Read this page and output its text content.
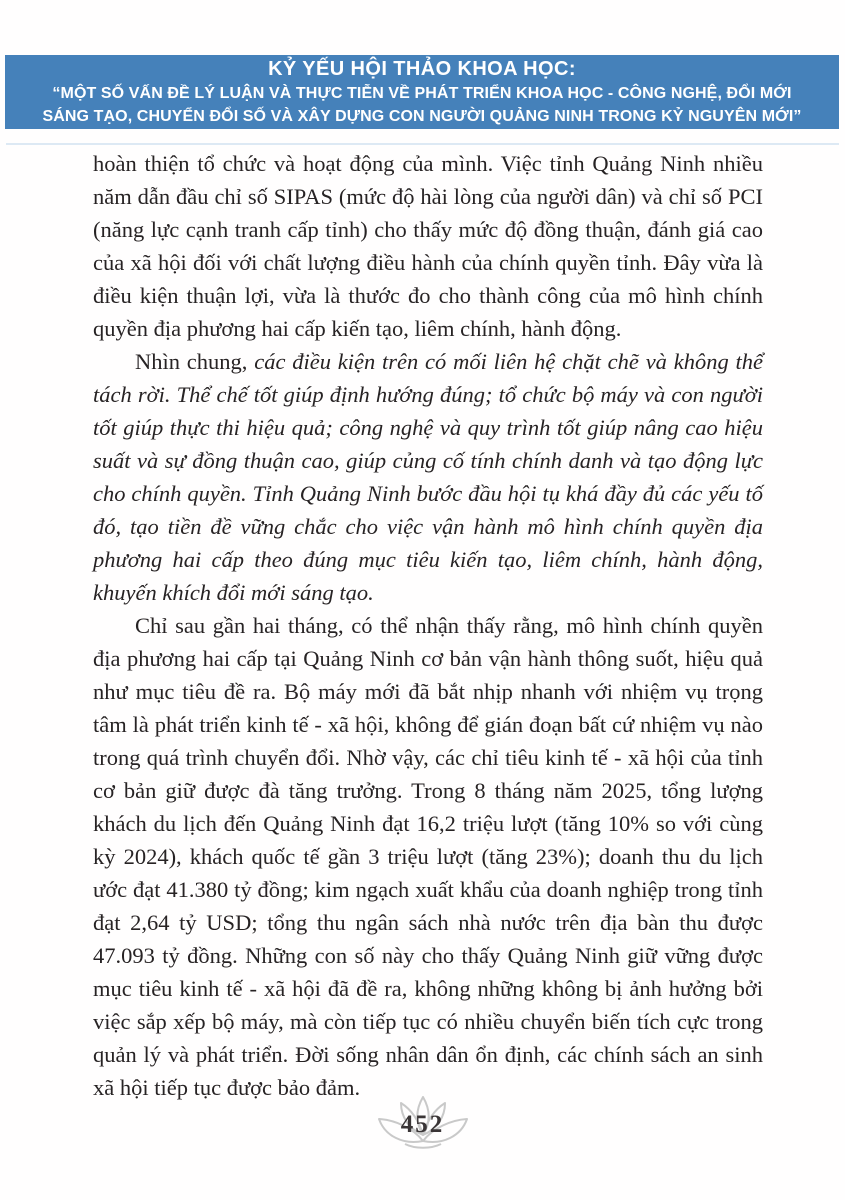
KỶ YẾU HỘI THẢO KHOA HỌC:
“MỘT SỐ VẤN ĐỀ LÝ LUẬN VÀ THỰC TIỄN VỀ PHÁT TRIỂN KHOA HỌC - CÔNG NGHỆ, ĐỔI MỚI
SÁNG TẠO, CHUYỂN ĐỔI SỐ VÀ XÂY DỰNG CON NGƯỜI QUẢNG NINH TRONG KỶ NGUYÊN MỚI”

hoàn thiện tổ chức và hoạt động của mình. Việc tỉnh Quảng Ninh nhiều năm dẫn đầu chỉ số SIPAS (mức độ hài lòng của người dân) và chỉ số PCI (năng lực cạnh tranh cấp tỉnh) cho thấy mức độ đồng thuận, đánh giá cao của xã hội đối với chất lượng điều hành của chính quyền tỉnh. Đây vừa là điều kiện thuận lợi, vừa là thước đo cho thành công của mô hình chính quyền địa phương hai cấp kiến tạo, liêm chính, hành động.

Nhìn chung, các điều kiện trên có mối liên hệ chặt chẽ và không thể tách rời. Thể chế tốt giúp định hướng đúng; tổ chức bộ máy và con người tốt giúp thực thi hiệu quả; công nghệ và quy trình tốt giúp nâng cao hiệu suất và sự đồng thuận cao, giúp củng cố tính chính danh và tạo động lực cho chính quyền. Tỉnh Quảng Ninh bước đầu hội tụ khá đầy đủ các yếu tố đó, tạo tiền đề vững chắc cho việc vận hành mô hình chính quyền địa phương hai cấp theo đúng mục tiêu kiến tạo, liêm chính, hành động, khuyến khích đổi mới sáng tạo.

Chỉ sau gần hai tháng, có thể nhận thấy rằng, mô hình chính quyền địa phương hai cấp tại Quảng Ninh cơ bản vận hành thông suốt, hiệu quả như mục tiêu đề ra. Bộ máy mới đã bắt nhịp nhanh với nhiệm vụ trọng tâm là phát triển kinh tế - xã hội, không để gián đoạn bất cứ nhiệm vụ nào trong quá trình chuyển đổi. Nhờ vậy, các chỉ tiêu kinh tế - xã hội của tỉnh cơ bản giữ được đà tăng trưởng. Trong 8 tháng năm 2025, tổng lượng khách du lịch đến Quảng Ninh đạt 16,2 triệu lượt (tăng 10% so với cùng kỳ 2024), khách quốc tế gần 3 triệu lượt (tăng 23%); doanh thu du lịch ước đạt 41.380 tỷ đồng; kim ngạch xuất khẩu của doanh nghiệp trong tỉnh đạt 2,64 tỷ USD; tổng thu ngân sách nhà nước trên địa bàn thu được 47.093 tỷ đồng. Những con số này cho thấy Quảng Ninh giữ vững được mục tiêu kinh tế - xã hội đã đề ra, không những không bị ảnh hưởng bởi việc sắp xếp bộ máy, mà còn tiếp tục có nhiều chuyển biến tích cực trong quản lý và phát triển. Đời sống nhân dân ổn định, các chính sách an sinh xã hội tiếp tục được bảo đảm.

452
